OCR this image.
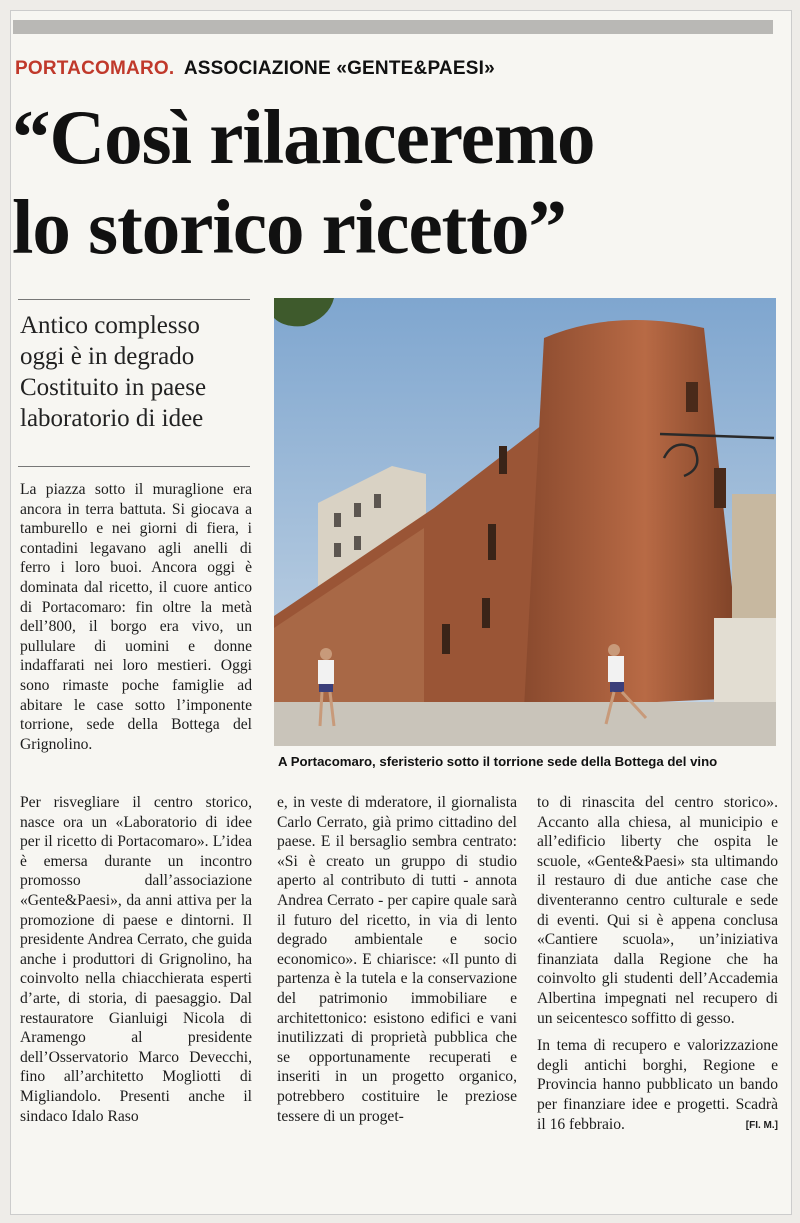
PORTACOMARO. ASSOCIAZIONE «GENTE&PAESI»
“Così rilanceremo
lo storico ricetto”
Antico complesso
oggi è in degrado
Costituito in paese
laboratorio di idee
A Portacomaro, sferisterio sotto il torrione sede della Bottega del vino

La piazza sotto il muraglione era ancora in terra battuta. Si giocava a tamburello e nei giorni di fiera, i contadini legavano agli anelli di ferro i loro buoi. Ancora oggi è dominata dal ricetto, il cuore antico di Portacomaro: fin oltre la metà dell’800, il borgo era vivo, un pullulare di uomini e donne indaffarati nei loro mestieri. Oggi sono rimaste poche famiglie ad abitare le case sotto l’imponente torrione, sede della Bottega del Grignolino.

Per risvegliare il centro storico, nasce ora un «Laboratorio di idee per il ricetto di Portacomaro». L’idea è emersa durante un incontro promosso dall’associazione «Gente&Paesi», da anni attiva per la promozione di paese e dintorni. Il presidente Andrea Cerrato, che guida anche i produttori di Grignolino, ha coinvolto nella chiacchierata esperti d’arte, di storia, di paesaggio. Dal restauratore Gianluigi Nicola di Aramengo al presidente dell’Osservatorio Marco Devecchi, fino all’architetto Mogliotti di Migliandolo. Presenti anche il sindaco Idalo Raso

e, in veste di mderatore, il giornalista Carlo Cerrato, già primo cittadino del paese. E il bersaglio sembra centrato: «Si è creato un gruppo di studio aperto al contributo di tutti - annota Andrea Cerrato - per capire quale sarà il futuro del ricetto, in via di lento degrado ambientale e socio economico». E chiarisce: «Il punto di partenza è la tutela e la conservazione del patrimonio immobiliare e architettonico: esistono edifici e vani inutilizzati di proprietà pubblica che se opportunamente recuperati e inseriti in un progetto organico, potrebbero costituire le preziose tessere di un proget-

to di rinascita del centro storico». Accanto alla chiesa, al municipio e all’edificio liberty che ospita le scuole, «Gente&Paesi» sta ultimando il restauro di due antiche case che diventeranno centro culturale e sede di eventi. Qui si è appena conclusa «Cantiere scuola», un’iniziativa finanziata dalla Regione che ha coinvolto gli studenti dell’Accademia Albertina impegnati nel recupero di un seicentesco soffitto di gesso.

In tema di recupero e valorizzazione degli antichi borghi, Regione e Provincia hanno pubblicato un bando per finanziare idee e progetti. Scadrà il 16 febbraio.	[FI. M.]
